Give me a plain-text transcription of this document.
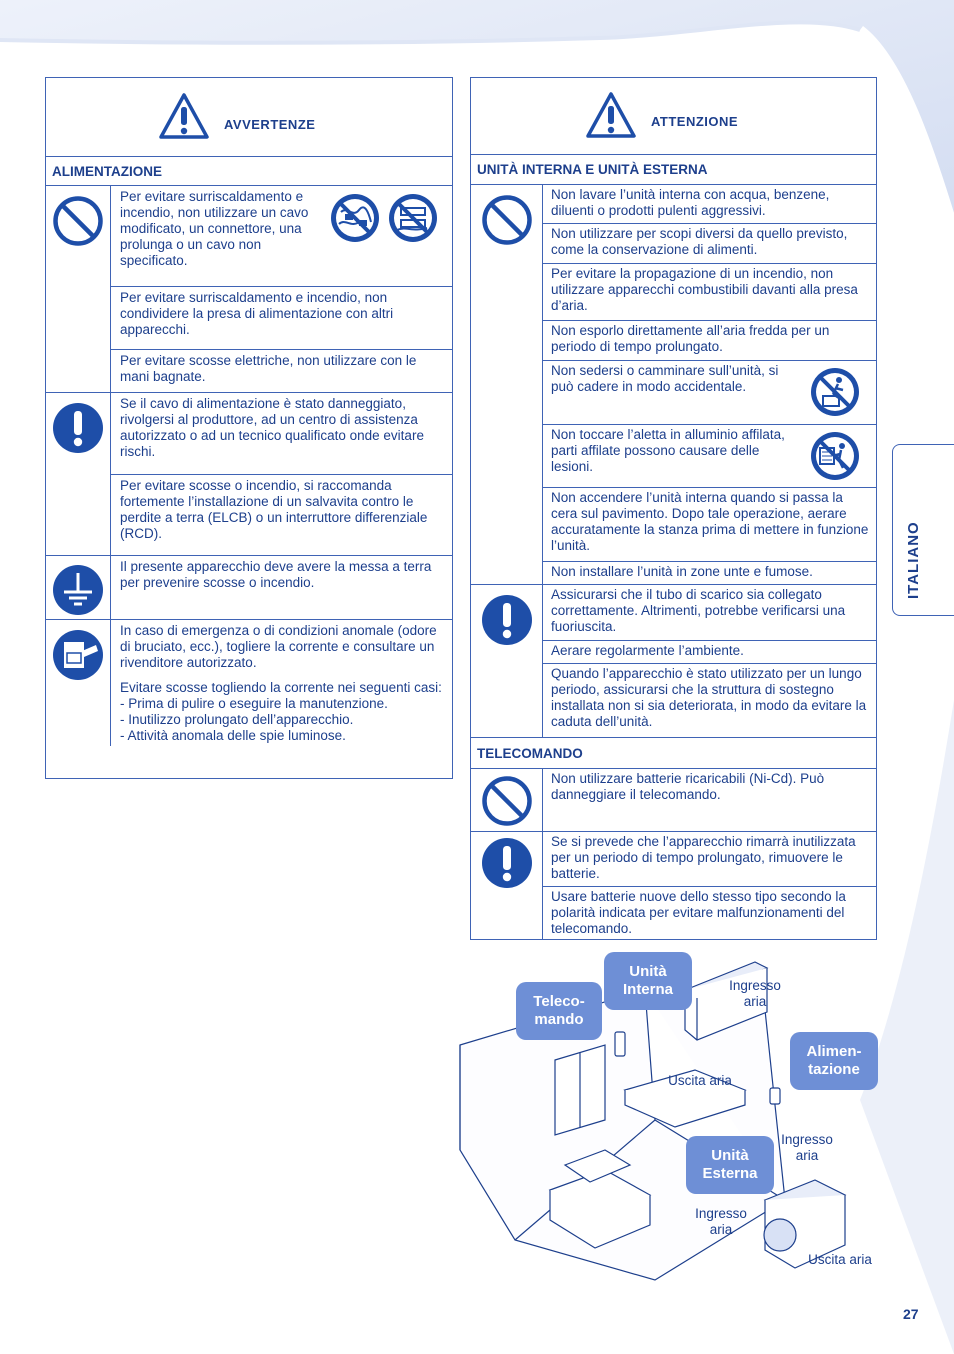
AVVERTENZE
ALIMENTAZIONE
Per evitare surriscaldamento e incendio, non utilizzare un cavo modificato, un connettore, una prolunga o un cavo non specificato.
Per evitare surriscaldamento e incendio, non condividere la presa di alimentazione con altri apparecchi.
Per evitare scosse elettriche, non utilizzare con le mani bagnate.
Se il cavo di alimentazione è stato danneggiato, rivolgersi al produttore, ad un centro di assistenza autorizzato o ad un tecnico qualificato onde evitare rischi.
Per evitare scosse o incendio, si raccomanda fortemente l’installazione di un salvavita contro le perdite a terra (ELCB) o un interruttore differenziale (RCD).
Il presente apparecchio deve avere la messa a terra per prevenire scosse o incendio.
In caso di emergenza o di condizioni anomale (odore di bruciato, ecc.), togliere la corrente e consultare un rivenditore autorizzato.
Evitare scosse togliendo la corrente nei seguenti casi:
- Prima di pulire o eseguire la manutenzione.
- Inutilizzo prolungato dell’apparecchio.
- Attività anomala delle spie luminose.
ATTENZIONE
UNITÀ INTERNA E UNITÀ ESTERNA
Non lavare l’unità interna con acqua, benzene, diluenti o prodotti pulenti aggressivi.
Non utilizzare per scopi diversi da quello previsto, come la conservazione di alimenti.
Per evitare la propagazione di un incendio, non utilizzare apparecchi combustibili davanti alla presa d’aria.
Non esporlo direttamente all’aria fredda per un periodo di tempo prolungato.
Non sedersi o camminare sull’unità, si può cadere in modo accidentale.
Non toccare l’aletta in alluminio affilata, parti affilate possono causare delle lesioni.
Non accendere l’unità interna quando si passa la cera sul pavimento. Dopo tale operazione, aerare accuratamente la stanza prima di mettere in funzione l’unità.
Non installare l’unità in zone unte e fumose.
Assicurarsi che il tubo di scarico sia collegato correttamente. Altrimenti, potrebbe verificarsi una fuoriuscita.
Aerare regolarmente l’ambiente.
Quando l’apparecchio è stato utilizzato per un lungo periodo, assicurarsi che la struttura di sostegno installata non si sia deteriorata, in modo da evitare la caduta dell’unità.
TELECOMANDO
Non utilizzare batterie ricaricabili (Ni-Cd). Può danneggiare il telecomando.
Se si prevede che l’apparecchio rimarrà inutilizzata per un periodo di tempo prolungato, rimuovere le batterie.
Usare batterie nuove dello stesso tipo secondo la polarità indicata per evitare malfunzionamenti del telecomando.
ITALIANO
Teleco-
mando
Unità
Interna
Alimen-
tazione
Unità
Esterna
Ingresso
aria
Uscita aria
Ingresso
aria
Ingresso
aria
Uscita aria
27
